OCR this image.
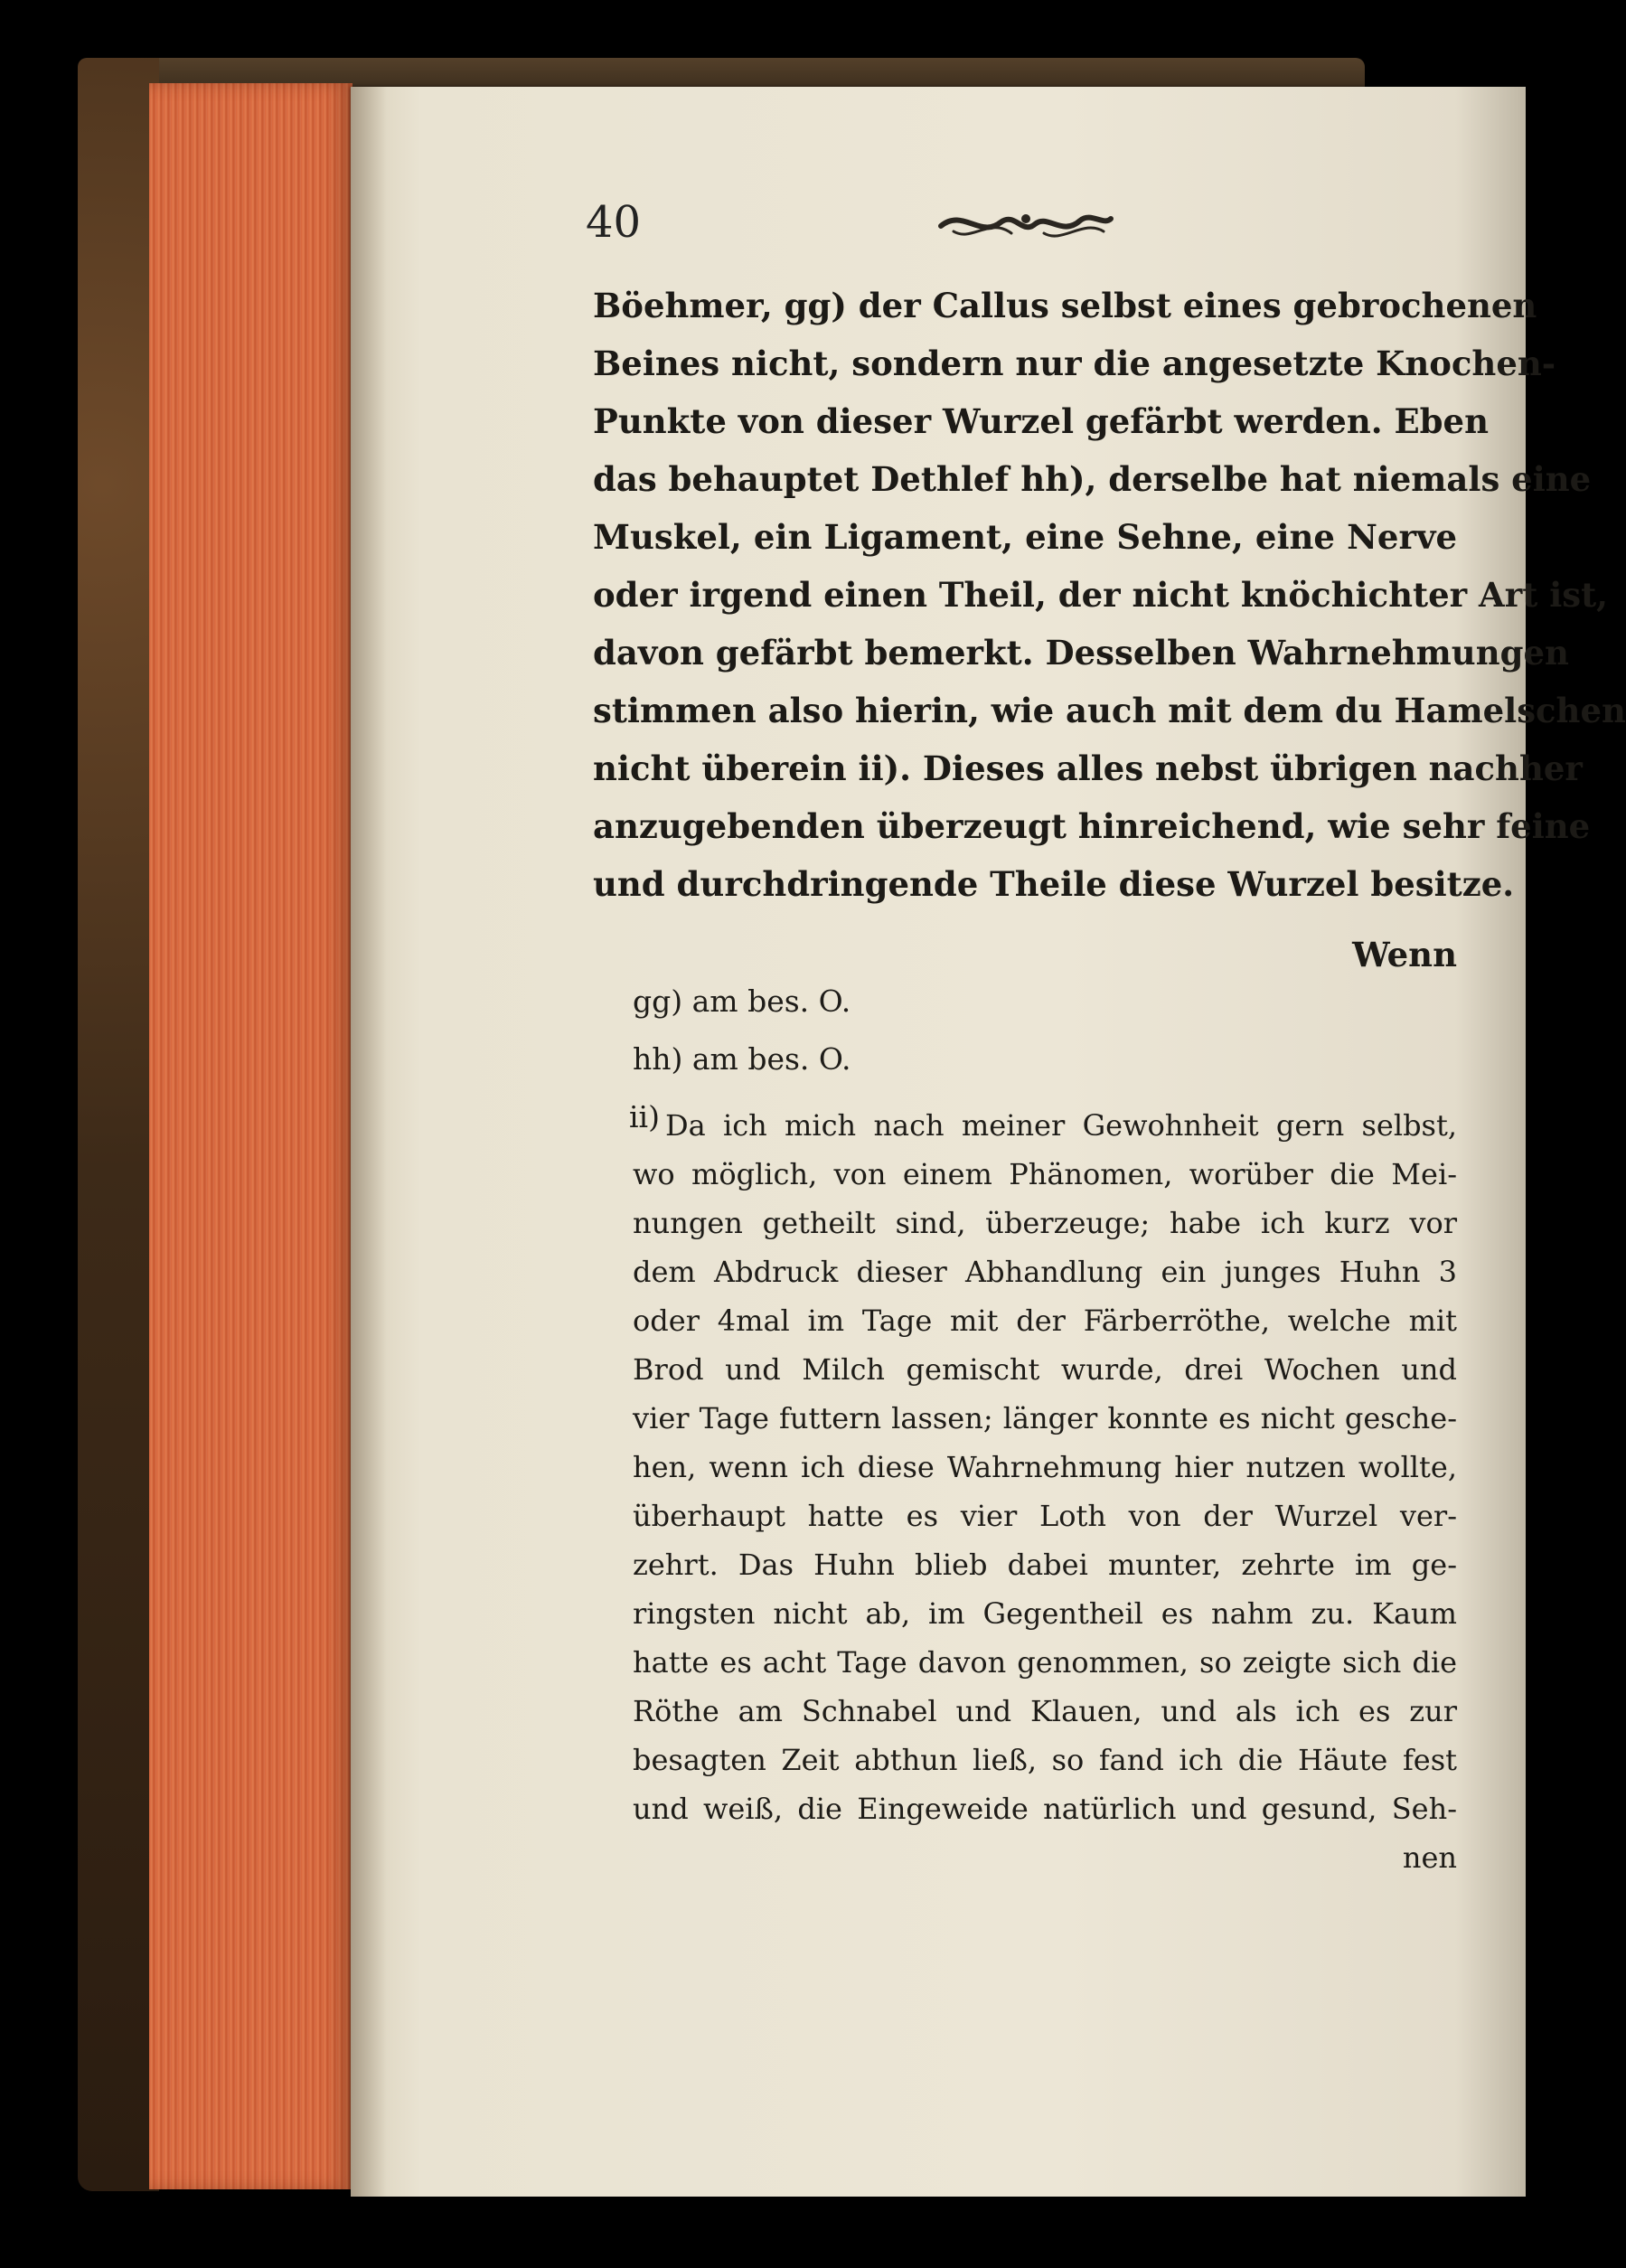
40
Böehmer, gg) der Callus selbst eines gebrochenen
Beines nicht, sondern nur die angesetzte Knochen-
Punkte von dieser Wurzel gefärbt werden. Eben
das behauptet Dethlef hh), derselbe hat niemals eine
Muskel, ein Ligament, eine Sehne, eine Nerve
oder irgend einen Theil, der nicht knöchichter Art ist,
davon gefärbt bemerkt. Desselben Wahrnehmungen
stimmen also hierin, wie auch mit dem du Hamelschen
nicht überein ii). Dieses alles nebst übrigen nachher
anzugebenden überzeugt hinreichend, wie sehr feine
und durchdringende Theile diese Wurzel besitze.
Wenn
gg) am bes. O.
hh) am bes. O.
ii) Da ich mich nach meiner Gewohnheit gern selbst,
wo möglich, von einem Phänomen, worüber die Mei-
nungen getheilt sind, überzeuge; habe ich kurz vor
dem Abdruck dieser Abhandlung ein junges Huhn 3
oder 4mal im Tage mit der Färberröthe, welche mit
Brod und Milch gemischt wurde, drei Wochen und
vier Tage futtern lassen; länger konnte es nicht gesche-
hen, wenn ich diese Wahrnehmung hier nutzen wollte,
überhaupt hatte es vier Loth von der Wurzel ver-
zehrt. Das Huhn blieb dabei munter, zehrte im ge-
ringsten nicht ab, im Gegentheil es nahm zu. Kaum
hatte es acht Tage davon genommen, so zeigte sich die
Röthe am Schnabel und Klauen, und als ich es zur
besagten Zeit abthun ließ, so fand ich die Häute fest
und weiß, die Eingeweide natürlich und gesund, Seh-
nen
